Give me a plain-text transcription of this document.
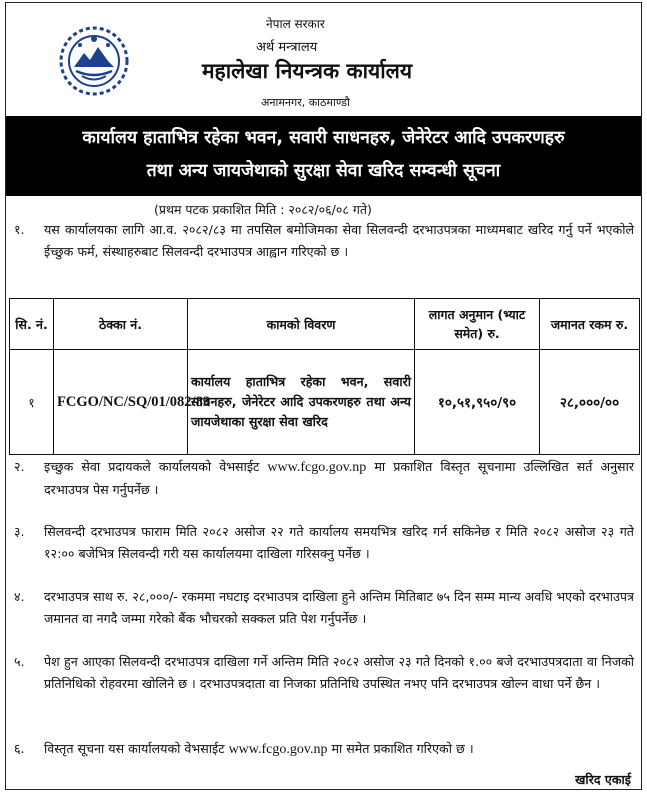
नेपाल सरकार
अर्थ मन्त्रालय
महालेखा नियन्त्रक कार्यालय
अनामनगर, काठमाण्डौ
कार्यालय हाताभित्र रहेका भवन, सवारी साधनहरु, जेनेरेटर आदि उपकरणहरु
तथा अन्य जायजेथाको सुरक्षा सेवा खरिद सम्वन्धी सूचना
(प्रथम पटक प्रकाशित मिति : २०८२/०६/०८ गते)
१.	यस कार्यालयका लागि आ.व. २०८२/८३ मा तपसिल बमोजिमका सेवा सिलवन्दी दरभाउपत्रका माध्यमबाट खरिद गर्नु पर्ने भएकोले ईच्छुक फर्म, संस्थाहरुबाट सिलवन्दी दरभाउपत्र आह्वान गरिएको छ ।
सि. नं.	ठेक्का नं.	कामको विवरण	लागत अनुमान (भ्याट समेत) रु.	जमानत रकम रु.
१	FCGO/NC/SQ/01/082/83	कार्यालय हाताभित्र रहेका भवन, सवारी साधनहरु, जेनेरेटर आदि उपकरणहरु तथा अन्य जायजेथाका सुरक्षा सेवा खरिद	१०,५१,९५०/९०	२८,०००/००
२.	इच्छुक सेवा प्रदायकले कार्यालयको वेभसाईट www.fcgo.gov.np मा प्रकाशित विस्तृत सूचनामा उल्लिखित सर्त अनुसार दरभाउपत्र पेस गर्नुपर्नेछ ।
३.	सिलवन्दी दरभाउपत्र फाराम मिति २०८२ असोज २२ गते कार्यालय समयभित्र खरिद गर्न सकिनेछ र मिति २०८२ असोज २३ गते १२:०० बजेभित्र सिलवन्दी गरी यस कार्यालयमा दाखिला गरिसक्नु पर्नेछ ।
४.	दरभाउपत्र साथ रु. २८,०००/- रकममा नघटाइ दरभाउपत्र दाखिला हुने अन्तिम मितिबाट ७५ दिन सम्म मान्य अवधि भएको दरभाउपत्र जमानत वा नगदै जम्मा गरेको बैंक भौचरको सक्कल प्रति पेश गर्नुपर्नेछ ।
५.	पेश हुन आएका सिलवन्दी दरभाउपत्र दाखिला गर्ने अन्तिम मिति २०८२ असोज २३ गते दिनको १.०० बजे दरभाउपत्रदाता वा निजको प्रतिनिधिको रोहवरमा खोलिने छ । दरभाउपत्रदाता वा निजका प्रतिनिधि उपस्थित नभए पनि दरभाउपत्र खोल्न वाधा पर्ने छैन ।
६.	विस्तृत सूचना यस कार्यालयको वेभसाईट www.fcgo.gov.np मा समेत प्रकाशित गरिएको छ ।
खरिद एकाई
